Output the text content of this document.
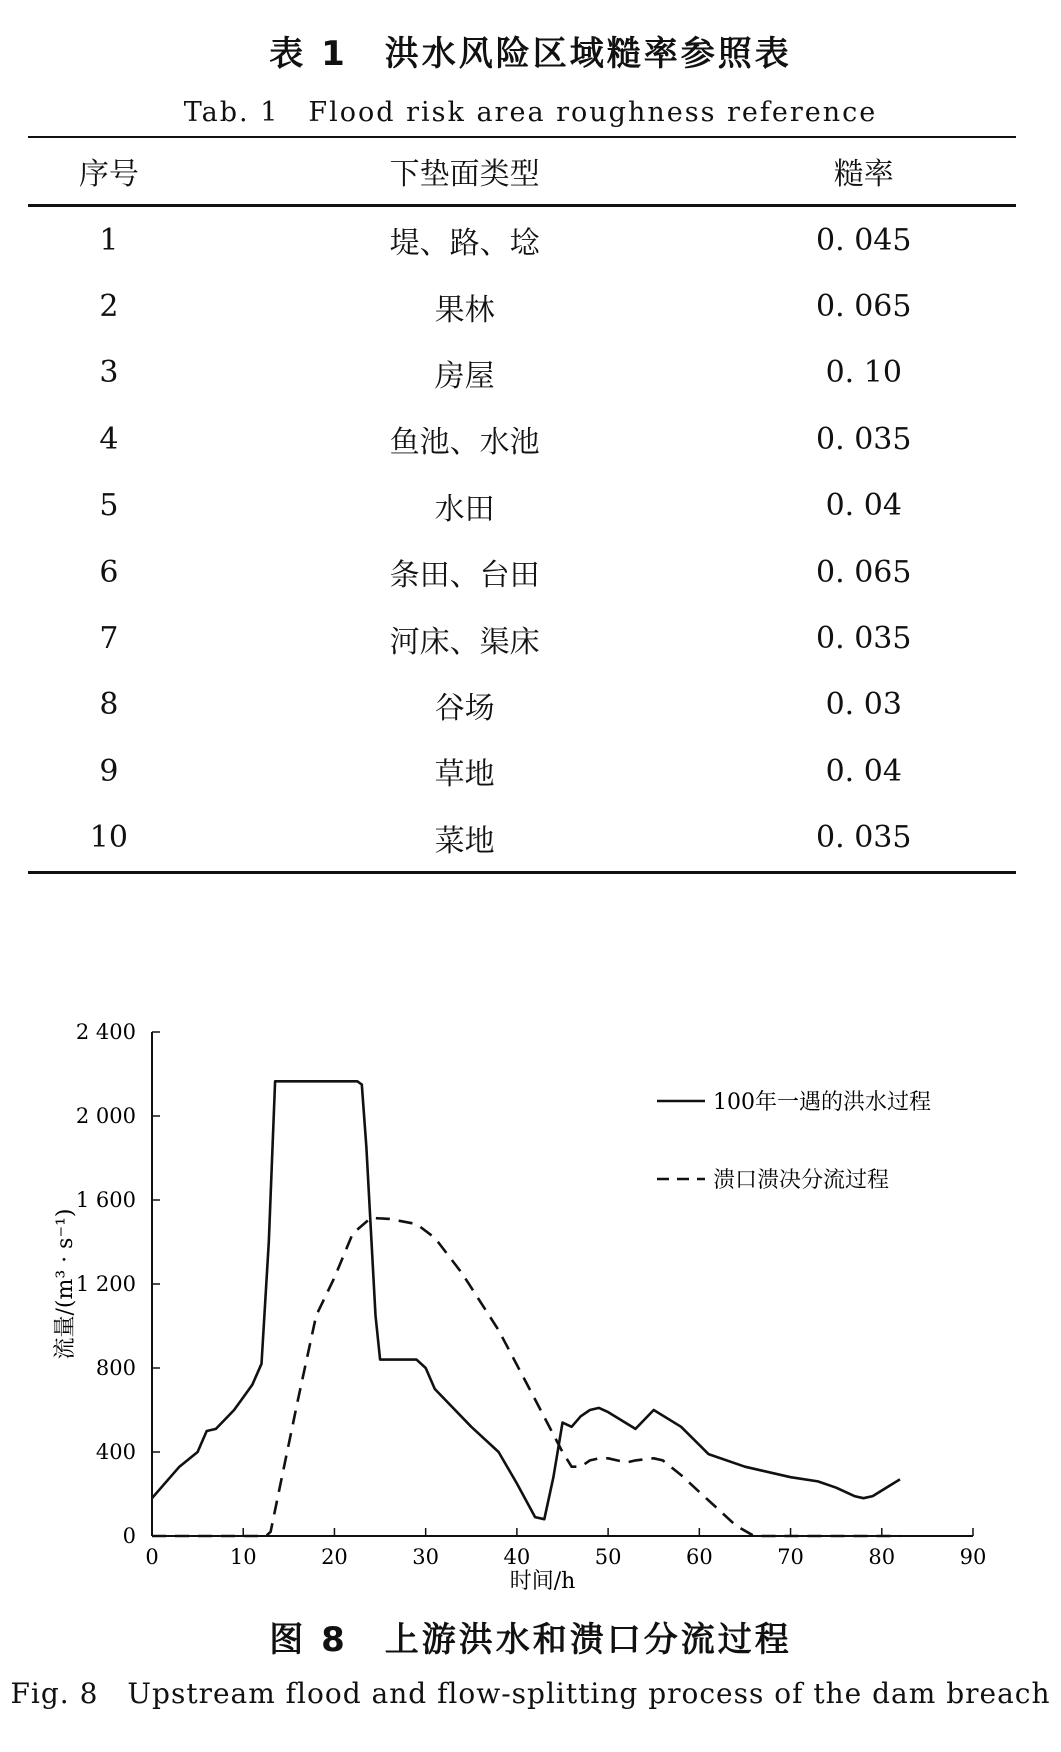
表 1　洪水风险区域糙率参照表
Tab. 1　Flood risk area roughness reference
序号	下垫面类型	糙率
1	堤、路、埝	0. 045
2	果林	0. 065
3	房屋	0. 10
4	鱼池、水池	0. 035
5	水田	0. 04
6	条田、台田	0. 065
7	河床、渠床	0. 035
8	谷场	0. 03
9	草地	0. 04
10	菜地	0. 035
0	10	20	30	40	50	60	70	80	90
0
400
800
1 200
1 600
2 000
2 400
时间/h
流量/(m³ · s⁻¹)
100年一遇的洪水过程
溃口溃决分流过程
图 8　上游洪水和溃口分流过程
Fig. 8　Upstream flood and flow-splitting process of the dam breach
